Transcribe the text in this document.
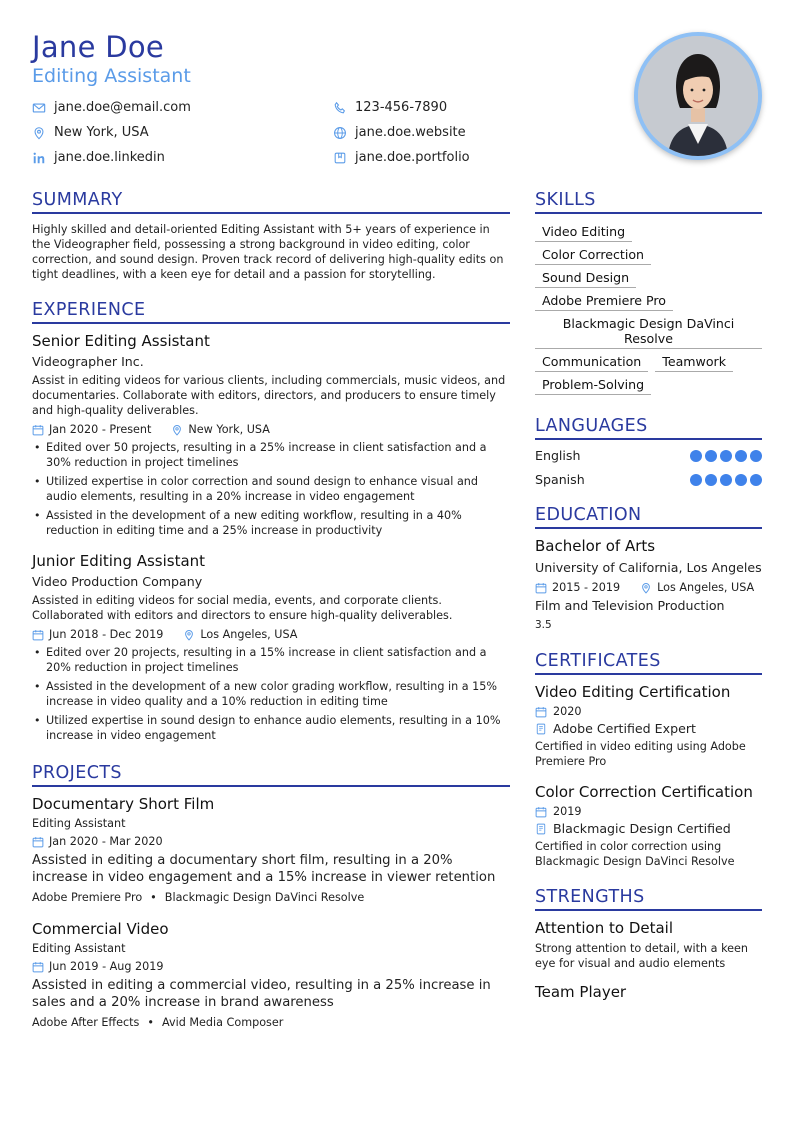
Jane Doe
Editing Assistant
jane.doe@email.com	123-456-7890
New York, USA	jane.doe.website
jane.doe.linkedin	jane.doe.portfolio
SUMMARY
Highly skilled and detail-oriented Editing Assistant with 5+ years of experience in the Videographer field, possessing a strong background in video editing, color correction, and sound design. Proven track record of delivering high-quality edits on tight deadlines, with a keen eye for detail and a passion for storytelling.
EXPERIENCE
Senior Editing Assistant
Videographer Inc.
Assist in editing videos for various clients, including commercials, music videos, and documentaries. Collaborate with editors, directors, and producers to ensure timely and high-quality deliverables.
Jan 2020 - Present	New York, USA
• Edited over 50 projects, resulting in a 25% increase in client satisfaction and a 30% reduction in project timelines
• Utilized expertise in color correction and sound design to enhance visual and audio elements, resulting in a 20% increase in video engagement
• Assisted in the development of a new editing workflow, resulting in a 40% reduction in editing time and a 25% increase in productivity
Junior Editing Assistant
Video Production Company
Assisted in editing videos for social media, events, and corporate clients. Collaborated with editors and directors to ensure high-quality deliverables.
Jun 2018 - Dec 2019	Los Angeles, USA
• Edited over 20 projects, resulting in a 15% increase in client satisfaction and a 20% reduction in project timelines
• Assisted in the development of a new color grading workflow, resulting in a 15% increase in video quality and a 10% reduction in editing time
• Utilized expertise in sound design to enhance audio elements, resulting in a 10% increase in video engagement
PROJECTS
Documentary Short Film
Editing Assistant
Jan 2020 - Mar 2020
Assisted in editing a documentary short film, resulting in a 20% increase in video engagement and a 15% increase in viewer retention
Adobe Premiere Pro • Blackmagic Design DaVinci Resolve
Commercial Video
Editing Assistant
Jun 2019 - Aug 2019
Assisted in editing a commercial video, resulting in a 25% increase in sales and a 20% increase in brand awareness
Adobe After Effects • Avid Media Composer
SKILLS
Video Editing
Color Correction
Sound Design
Adobe Premiere Pro
Blackmagic Design DaVinci Resolve
Communication	Teamwork
Problem-Solving
LANGUAGES
English
Spanish
EDUCATION
Bachelor of Arts
University of California, Los Angeles
2015 - 2019	Los Angeles, USA
Film and Television Production
3.5
CERTIFICATES
Video Editing Certification
2020
Adobe Certified Expert
Certified in video editing using Adobe Premiere Pro
Color Correction Certification
2019
Blackmagic Design Certified
Certified in color correction using Blackmagic Design DaVinci Resolve
STRENGTHS
Attention to Detail
Strong attention to detail, with a keen eye for visual and audio elements
Team Player
